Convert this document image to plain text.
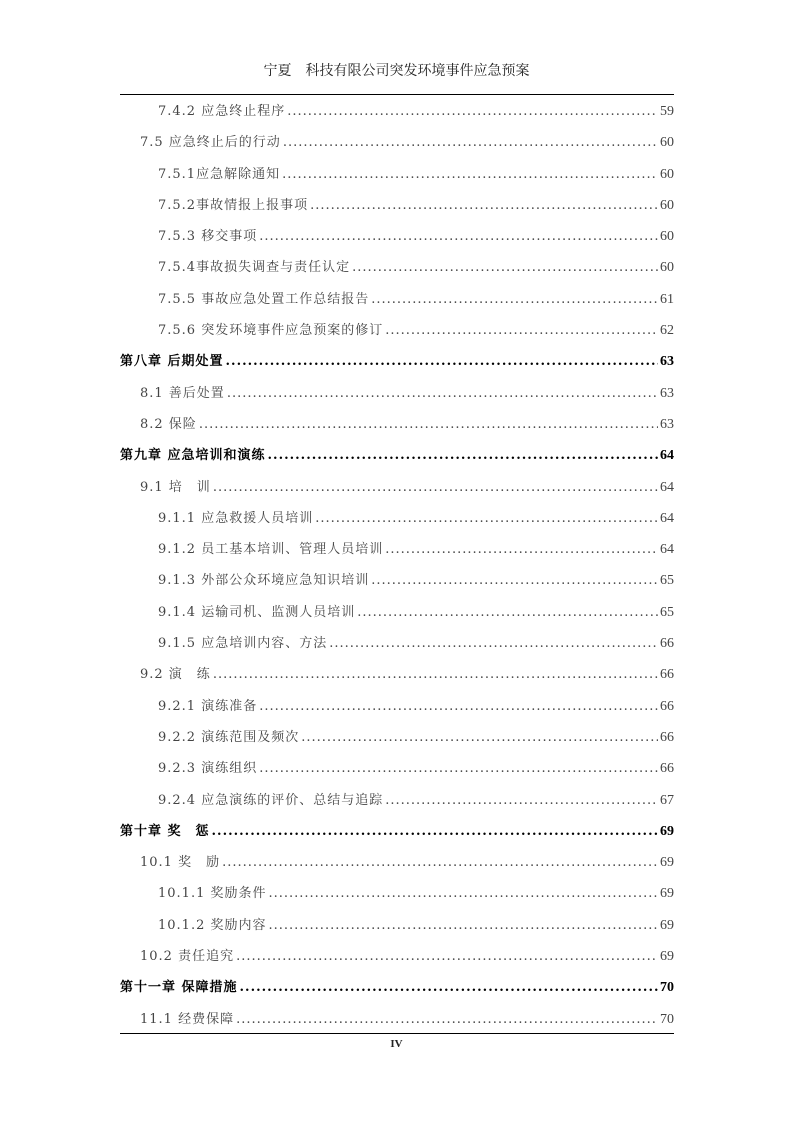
宁夏　科技有限公司突发环境事件应急预案
7.4.2 应急终止程序 .....	59
7.5 应急终止后的行动 .....	60
7.5.1应急解除通知 .....	60
7.5.2事故情报上报事项 .....	60
7.5.3 移交事项 .....	60
7.5.4事故损失调查与责任认定 .....	60
7.5.5 事故应急处置工作总结报告 .....	61
7.5.6 突发环境事件应急预案的修订 .....	62
第八章 后期处置 .....	63
8.1 善后处置 .....	63
8.2 保险 .....	63
第九章 应急培训和演练 .....	64
9.1 培　训 .....	64
9.1.1 应急救援人员培训 .....	64
9.1.2 员工基本培训、管理人员培训 .....	64
9.1.3 外部公众环境应急知识培训 .....	65
9.1.4 运输司机、监测人员培训 .....	65
9.1.5 应急培训内容、方法 .....	66
9.2 演　练 .....	66
9.2.1 演练准备 .....	66
9.2.2 演练范围及频次 .....	66
9.2.3 演练组织 .....	66
9.2.4 应急演练的评价、总结与追踪 .....	67
第十章 奖　惩 .....	69
10.1 奖　励 .....	69
10.1.1 奖励条件 .....	69
10.1.2 奖励内容 .....	69
10.2 责任追究 .....	69
第十一章 保障措施 .....	70
11.1 经费保障 .....	70
IV
